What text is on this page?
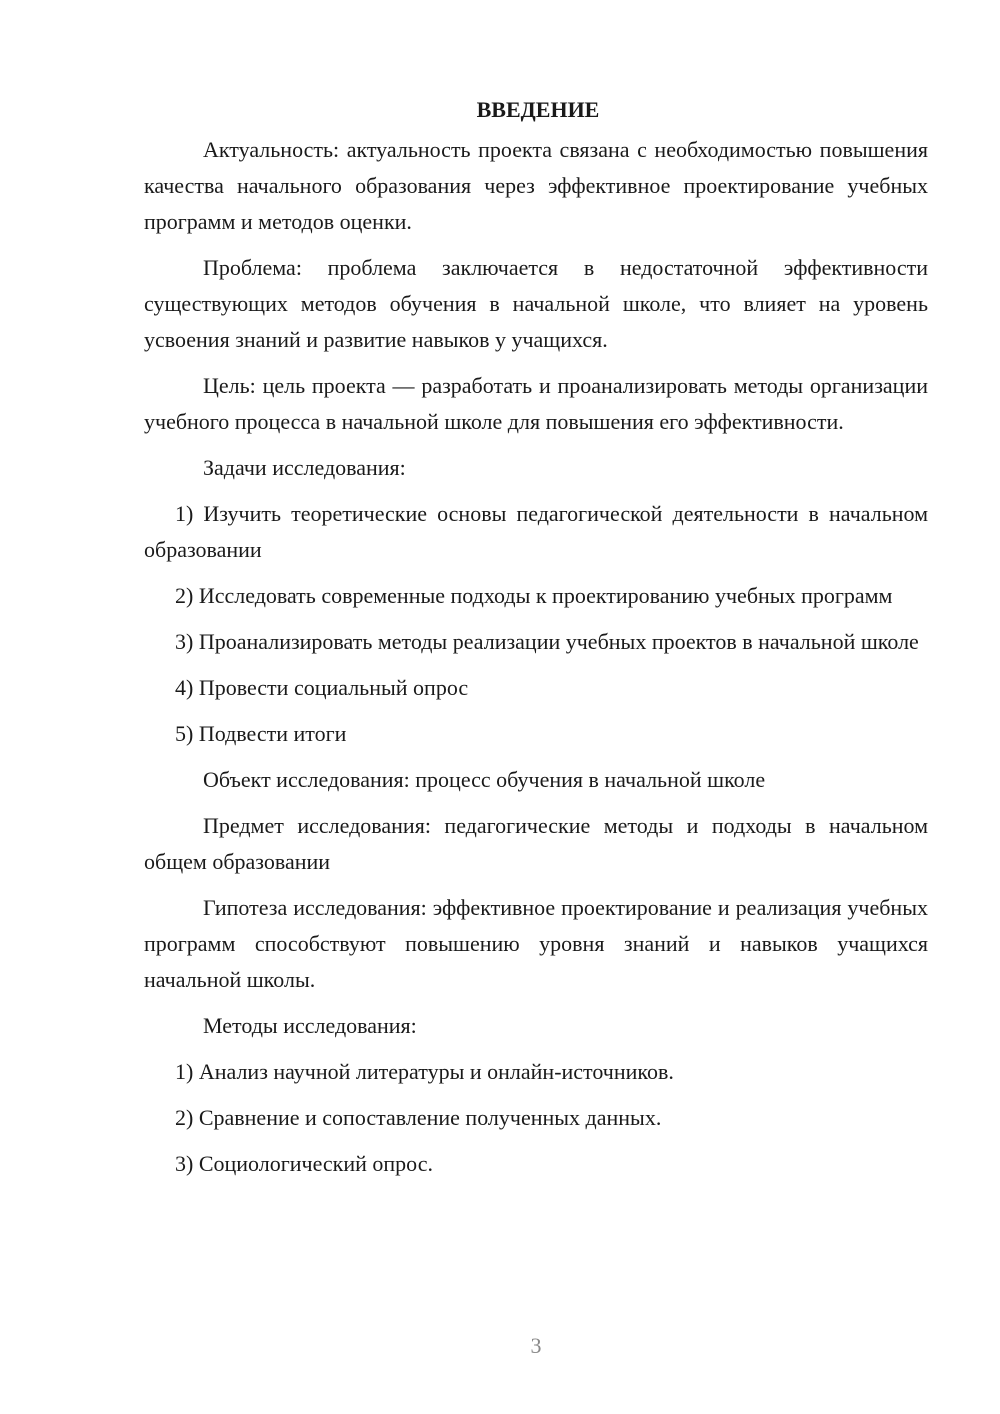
ВВЕДЕНИЕ

Актуальность: актуальность проекта связана с необходимостью повышения качества начального образования через эффективное проектирование учебных программ и методов оценки.

Проблема: проблема заключается в недостаточной эффективности существующих методов обучения в начальной школе, что влияет на уровень усвоения знаний и развитие навыков у учащихся.

Цель: цель проекта — разработать и проанализировать методы организации учебного процесса в начальной школе для повышения его эффективности.

Задачи исследования:

1) Изучить теоретические основы педагогической деятельности в начальном образовании

2) Исследовать современные подходы к проектированию учебных программ

3) Проанализировать методы реализации учебных проектов в начальной школе

4) Провести социальный опрос

5) Подвести итоги

Объект исследования: процесс обучения в начальной школе

Предмет исследования: педагогические методы и подходы в начальном общем образовании

Гипотеза исследования: эффективное проектирование и реализация учебных программ способствуют повышению уровня знаний и навыков учащихся начальной школы.

Методы исследования:

1) Анализ научной литературы и онлайн-источников.

2) Сравнение и сопоставление полученных данных.

3) Социологический опрос.

3
